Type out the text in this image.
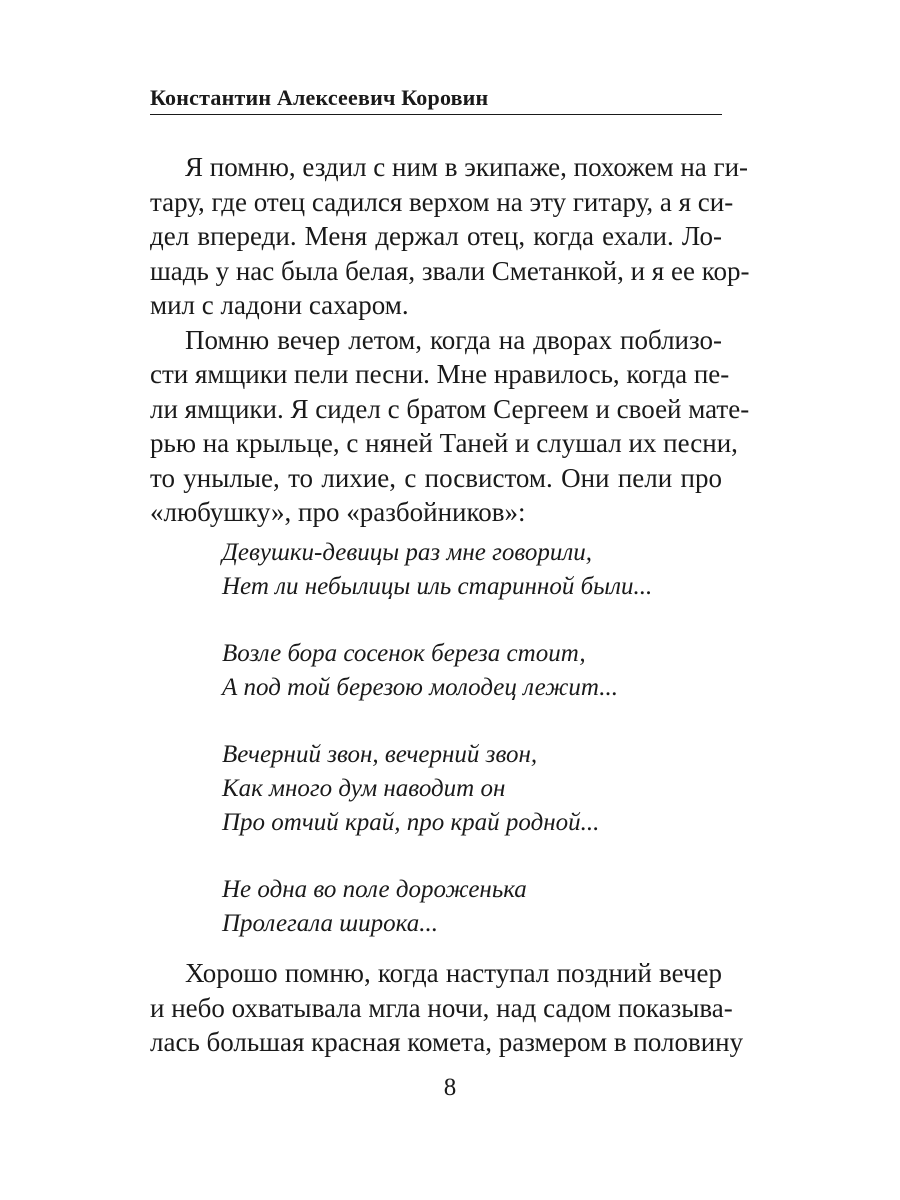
Константин Алексеевич Коровин
Я помню, ездил с ним в экипаже, похожем на ги-
тару, где отец садился верхом на эту гитару, а я си-
дел впереди. Меня держал отец, когда ехали. Ло-
шадь у нас была белая, звали Сметанкой, и я ее кор-
мил с ладони сахаром.
Помню вечер летом, когда на дворах поблизо-
сти ямщики пели песни. Мне нравилось, когда пе-
ли ямщики. Я сидел с братом Сергеем и своей мате-
рью на крыльце, с няней Таней и слушал их песни,
то унылые, то лихие, с посвистом. Они пели про
«любушку», про «разбойников»:
Девушки-девицы раз мне говорили,
Нет ли небылицы иль старинной были...
Возле бора сосенок береза стоит,
А под той березою молодец лежит...
Вечерний звон, вечерний звон,
Как много дум наводит он
Про отчий край, про край родной...
Не одна во поле дороженька
Пролегала широка...
Хорошо помню, когда наступал поздний вечер
и небо охватывала мгла ночи, над садом показыва-
лась большая красная комета, размером в половину
8
